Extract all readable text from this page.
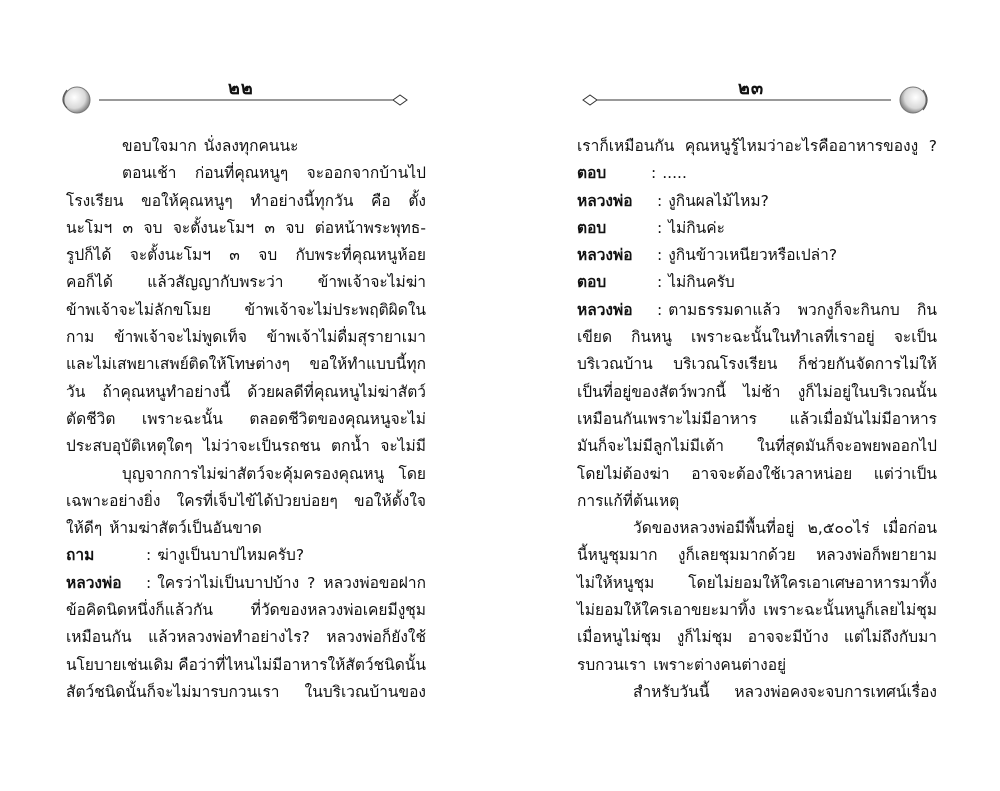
๒๒
ขอบใจมาก นั่งลงทุกคนนะ
ตอนเช้า ก่อนที่คุณหนูๆ จะออกจากบ้านไป
โรงเรียน ขอให้คุณหนูๆ ทำอย่างนี้ทุกวัน คือ ตั้ง
นะโมฯ ๓ จบ จะตั้งนะโมฯ ๓ จบ ต่อหน้าพระพุทธ-
รูปก็ได้ จะตั้งนะโมฯ ๓ จบ กับพระที่คุณหนูห้อย
คอก็ได้ แล้วสัญญากับพระว่า ข้าพเจ้าจะไม่ฆ่า
ข้าพเจ้าจะไม่ลักขโมย ข้าพเจ้าจะไม่ประพฤติผิดใน
กาม ข้าพเจ้าจะไม่พูดเท็จ ข้าพเจ้าไม่ดื่มสุรายาเมา
และไม่เสพยาเสพย์ติดให้โทษต่างๆ ขอให้ทำแบบนี้ทุก
วัน ถ้าคุณหนูทำอย่างนี้ ด้วยผลดีที่คุณหนูไม่ฆ่าสัตว์
ตัดชีวิต เพราะฉะนั้น ตลอดชีวิตของคุณหนูจะไม่
ประสบอุบัติเหตุใดๆ ไม่ว่าจะเป็นรถชน ตกน้ำ จะไม่มี
บุญจากการไม่ฆ่าสัตว์จะคุ้มครองคุณหนู โดย
เฉพาะอย่างยิ่ง ใครที่เจ็บไข้ได้ป่วยบ่อยๆ ขอให้ตั้งใจ
ให้ดีๆ ห้ามฆ่าสัตว์เป็นอันขาด
ถาม	: ฆ่างูเป็นบาปไหมครับ?
หลวงพ่อ	: ใครว่าไม่เป็นบาปบ้าง ? หลวงพ่อขอฝาก
ข้อคิดนิดหนึ่งก็แล้วกัน ที่วัดของหลวงพ่อเคยมีงูชุม
เหมือนกัน แล้วหลวงพ่อทำอย่างไร? หลวงพ่อก็ยังใช้
นโยบายเช่นเดิม คือว่าที่ไหนไม่มีอาหารให้สัตว์ชนิดนั้น
สัตว์ชนิดนั้นก็จะไม่มารบกวนเรา ในบริเวณบ้านของ
๒๓
เราก็เหมือนกัน คุณหนูรู้ไหมว่าอะไรคืออาหารของงู ?
ตอบ	: .....
หลวงพ่อ	: งูกินผลไม้ไหม?
ตอบ	: ไม่กินค่ะ
หลวงพ่อ	: งูกินข้าวเหนียวหรือเปล่า?
ตอบ	: ไม่กินครับ
หลวงพ่อ	: ตามธรรมดาแล้ว พวกงูก็จะกินกบ กิน
เขียด กินหนู เพราะฉะนั้นในทำเลที่เราอยู่ จะเป็น
บริเวณบ้าน บริเวณโรงเรียน ก็ช่วยกันจัดการไม่ให้
เป็นที่อยู่ของสัตว์พวกนี้ ไม่ช้า งูก็ไม่อยู่ในบริเวณนั้น
เหมือนกันเพราะไม่มีอาหาร แล้วเมื่อมันไม่มีอาหาร
มันก็จะไม่มีลูกไม่มีเต้า ในที่สุดมันก็จะอพยพออกไป
โดยไม่ต้องฆ่า อาจจะต้องใช้เวลาหน่อย แต่ว่าเป็น
การแก้ที่ต้นเหตุ
วัดของหลวงพ่อมีพื้นที่อยู่ ๒,๕๐๐ไร่ เมื่อก่อน
นี้หนูชุมมาก งูก็เลยชุมมากด้วย หลวงพ่อก็พยายาม
ไม่ให้หนูชุม โดยไม่ยอมให้ใครเอาเศษอาหารมาทิ้ง
ไม่ยอมให้ใครเอาขยะมาทิ้ง เพราะฉะนั้นหนูก็เลยไม่ชุม
เมื่อหนูไม่ชุม งูก็ไม่ชุม อาจจะมีบ้าง แต่ไม่ถึงกับมา
รบกวนเรา เพราะต่างคนต่างอยู่
สำหรับวันนี้ หลวงพ่อคงจะจบการเทศน์เรื่อง
